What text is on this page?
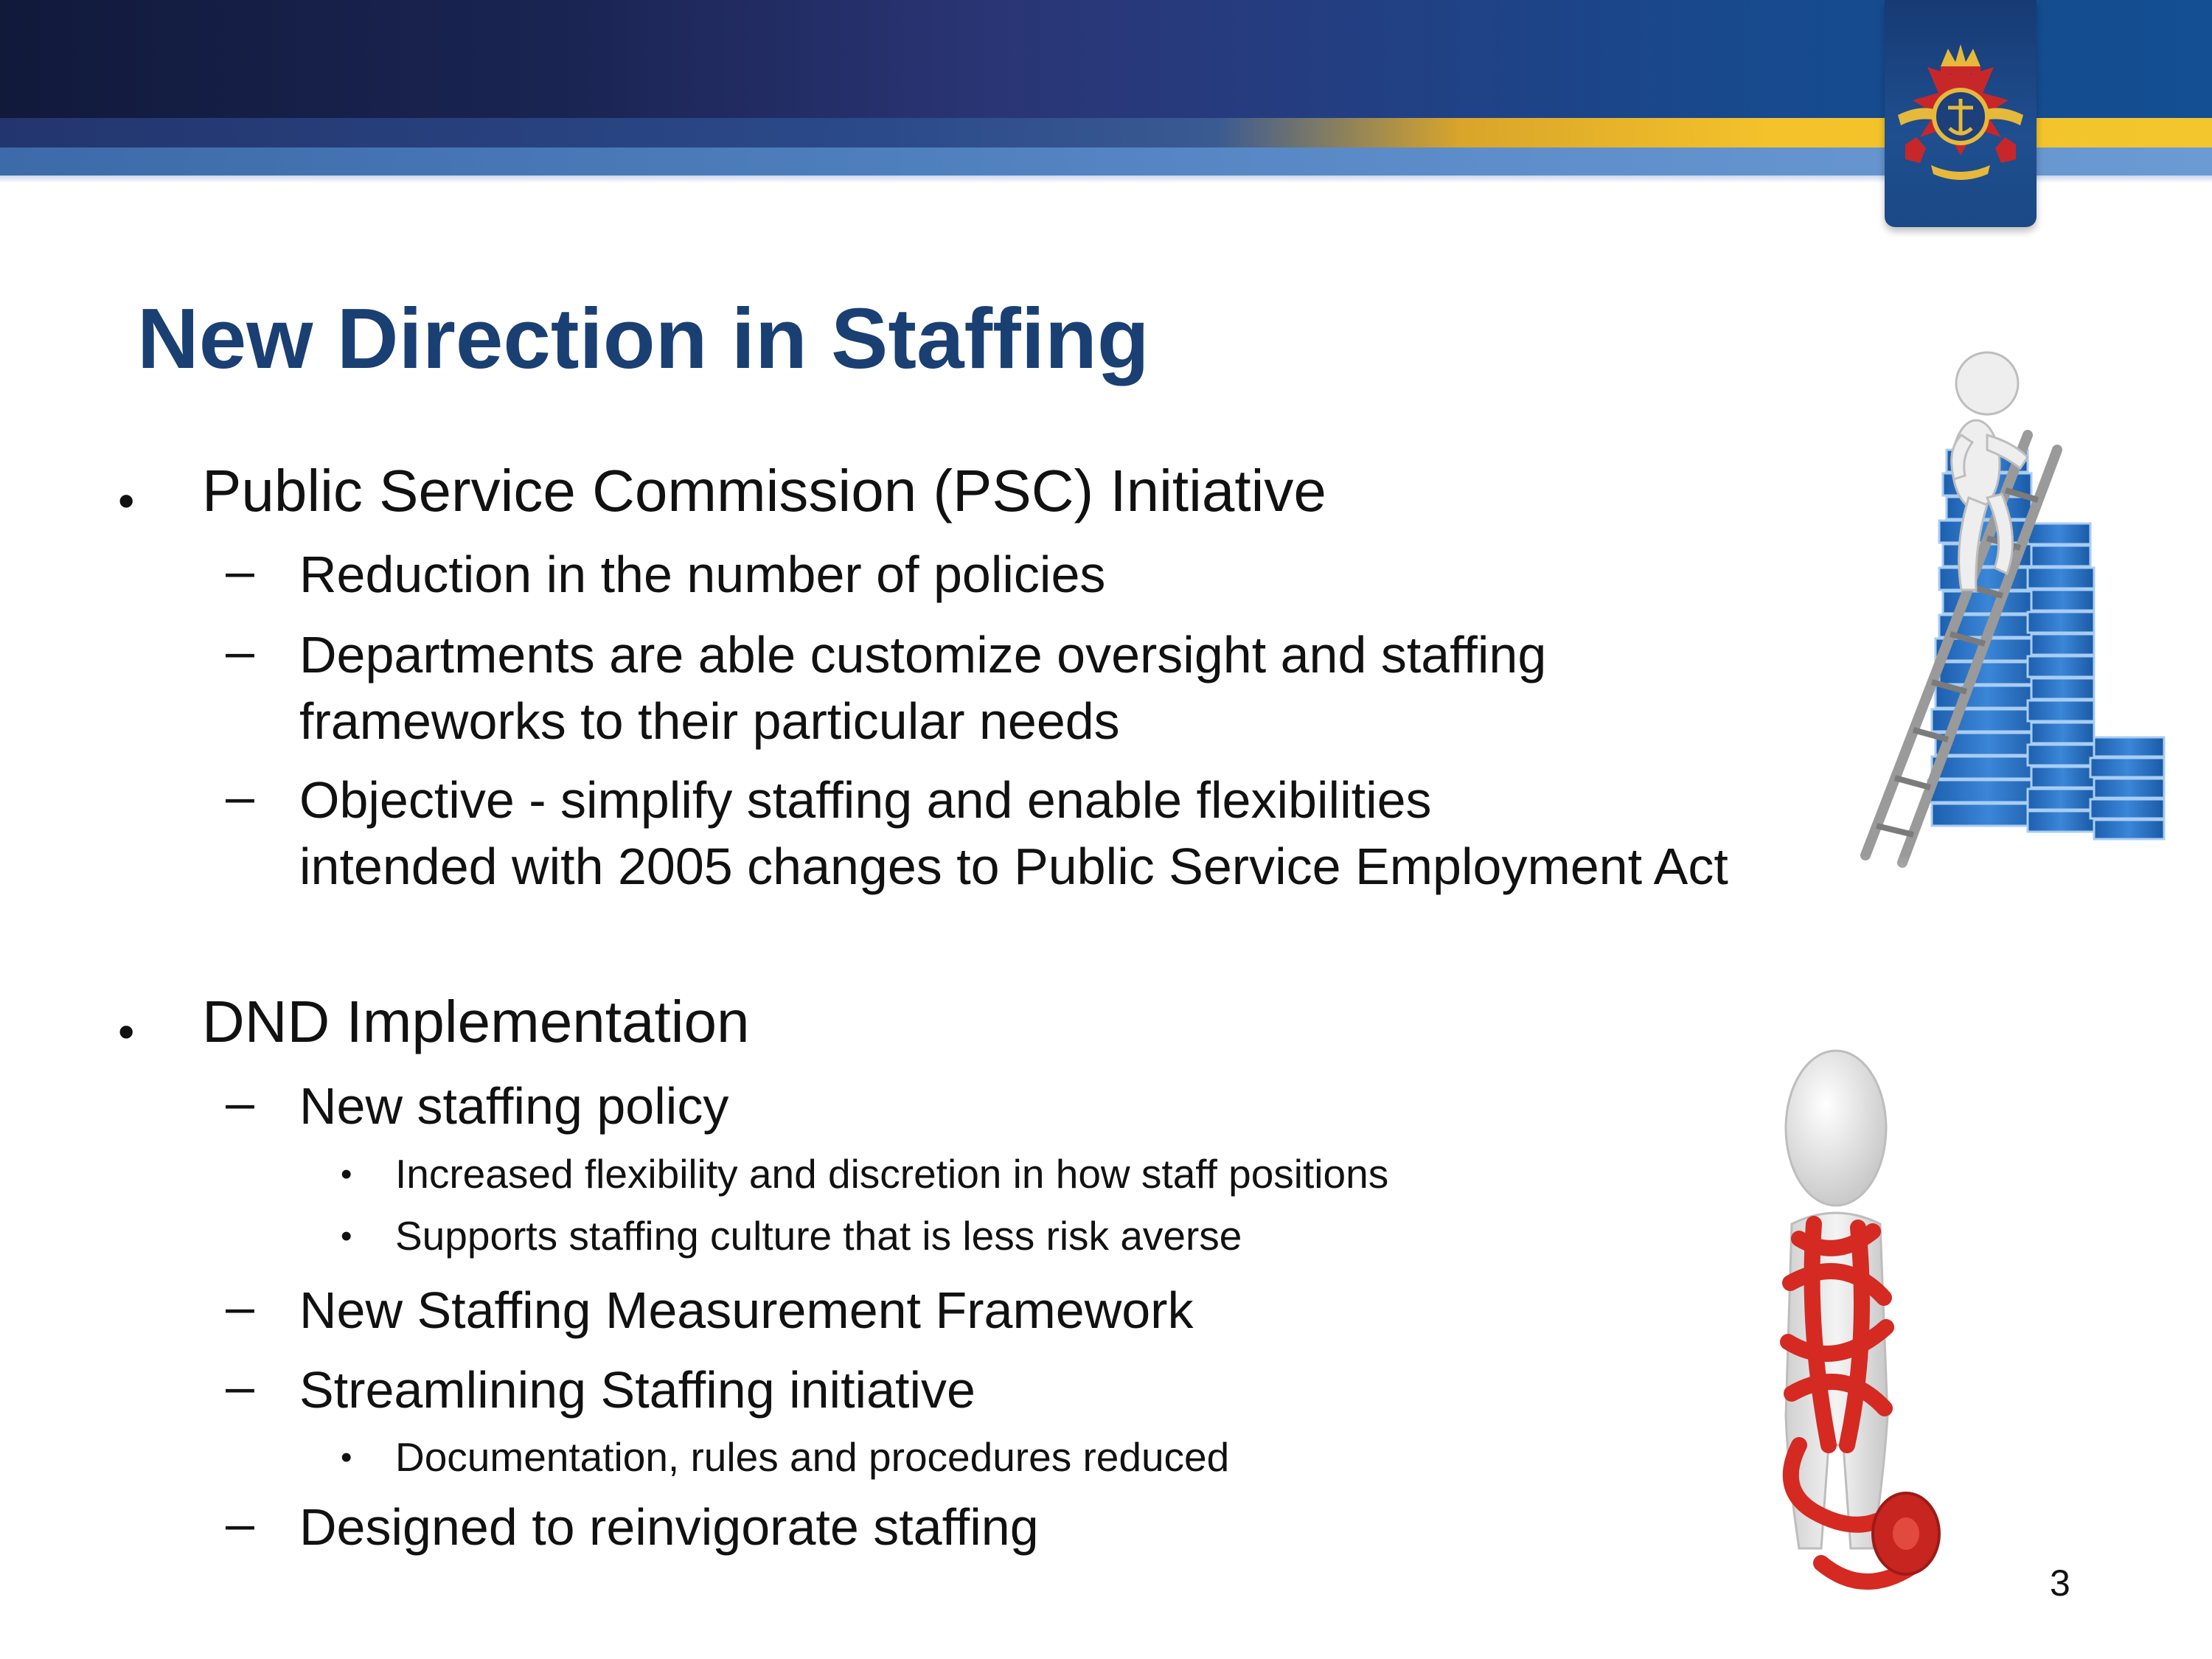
New Direction in Staffing
• Public Service Commission (PSC) Initiative
– Reduction in the number of policies
– Departments are able customize oversight and staffing
frameworks to their particular needs
– Objective - simplify staffing and enable flexibilities
intended with 2005 changes to Public Service Employment Act
• DND Implementation
– New staffing policy
• Increased flexibility and discretion in how staff positions
• Supports staffing culture that is less risk averse
– New Staffing Measurement Framework
– Streamlining Staffing initiative
• Documentation, rules and procedures reduced
– Designed to reinvigorate staffing
3
